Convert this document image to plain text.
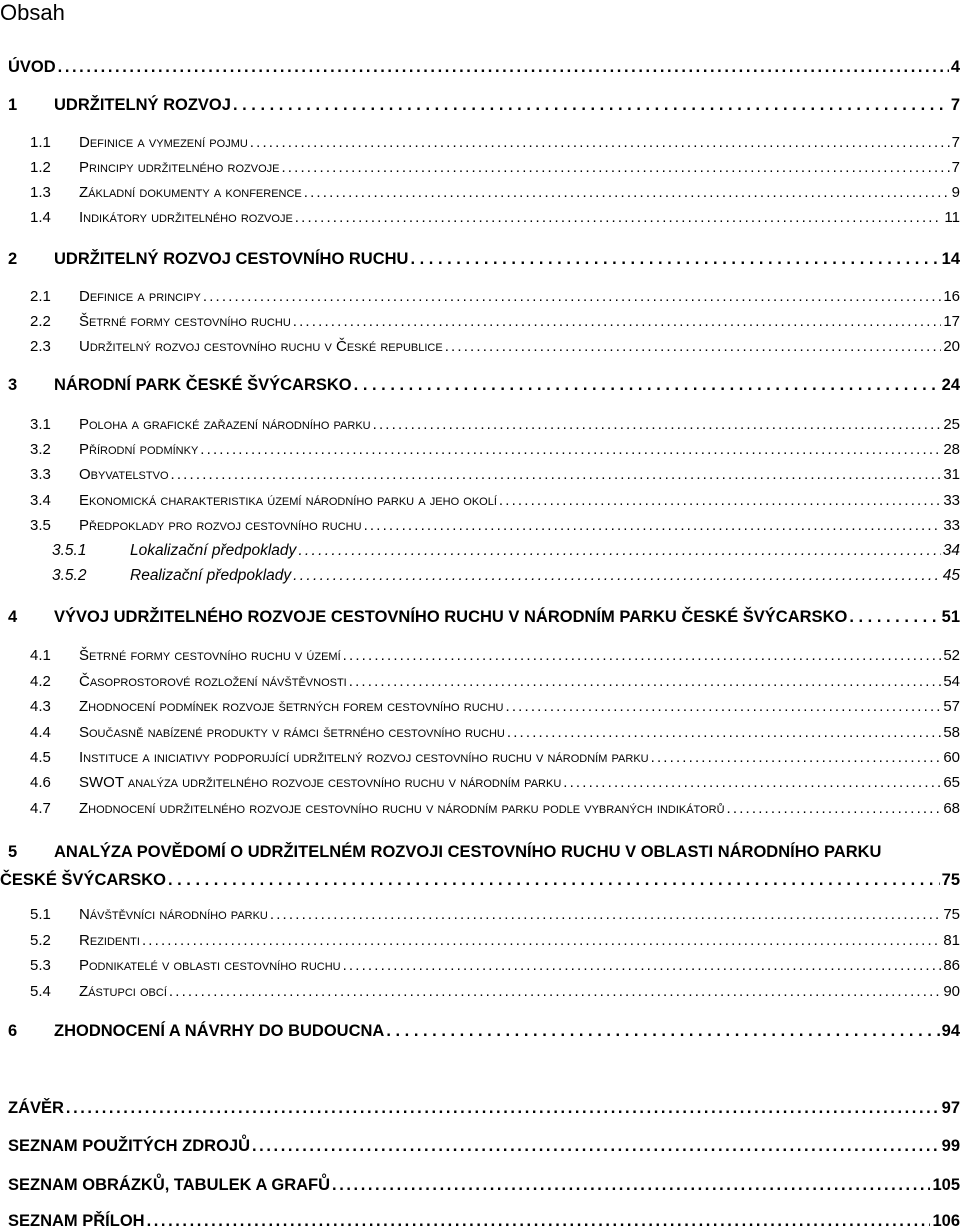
Obsah
ÚVOD . . .	4
1	UDRŽITELNÝ ROZVOJ . . .	7
1.1	Definice a vymezení pojmu . . .	7
1.2	Principy udržitelného rozvoje . . .	7
1.3	Základní dokumenty a konference . . .	9
1.4	Indikátory udržitelného rozvoje . . .	11
2	UDRŽITELNÝ ROZVOJ CESTOVNÍHO RUCHU . . .	14
2.1	Definice a principy . . .	16
2.2	Šetrné formy cestovního ruchu . . .	17
2.3	Udržitelný rozvoj cestovního ruchu v České republice . . .	20
3	NÁRODNÍ PARK ČESKÉ ŠVÝCARSKO . . .	24
3.1	Poloha a grafické zařazení národního parku . . .	25
3.2	Přírodní podmínky . . .	28
3.3	Obyvatelstvo . . .	31
3.4	Ekonomická charakteristika území národního parku a jeho okolí . . .	33
3.5	Předpoklady pro rozvoj cestovního ruchu . . .	33
3.5.1	Lokalizační předpoklady . . .	34
3.5.2	Realizační předpoklady . . .	45
4	VÝVOJ UDRŽITELNÉHO ROZVOJE CESTOVNÍHO RUCHU V NÁRODNÍM PARKU ČESKÉ ŠVÝCARSKO . . .	51
4.1	Šetrné formy cestovního ruchu v území . . .	52
4.2	Časoprostorové rozložení návštěvnosti . . .	54
4.3	Zhodnocení podmínek rozvoje šetrných forem cestovního ruchu . . .	57
4.4	Současně nabízené produkty v rámci šetrného cestovního ruchu . . .	58
4.5	Instituce a iniciativy podporující udržitelný rozvoj cestovního ruchu v národním parku . . .	60
4.6	SWOT analýza udržitelného rozvoje cestovního ruchu v národním parku . . .	65
4.7	Zhodnocení udržitelného rozvoje cestovního ruchu v národním parku podle vybraných indikátorů . . .	68
5 ANALÝZA POVĚDOMÍ O UDRŽITELNÉM ROZVOJI CESTOVNÍHO RUCHU V OBLASTI NÁRODNÍHO PARKU
ČESKÉ ŠVÝCARSKO . . .	75
5.1	Návštěvníci národního parku . . .	75
5.2	Rezidenti . . .	81
5.3	Podnikatelé v oblasti cestovního ruchu . . .	86
5.4	Zástupci obcí . . .	90
6	ZHODNOCENÍ A NÁVRHY DO BUDOUCNA . . .	94
ZÁVĚR . . .	97
SEZNAM POUŽITÝCH ZDROJŮ . . .	99
SEZNAM OBRÁZKŮ, TABULEK A GRAFŮ . . .	105
SEZNAM PŘÍLOH . . .	106
